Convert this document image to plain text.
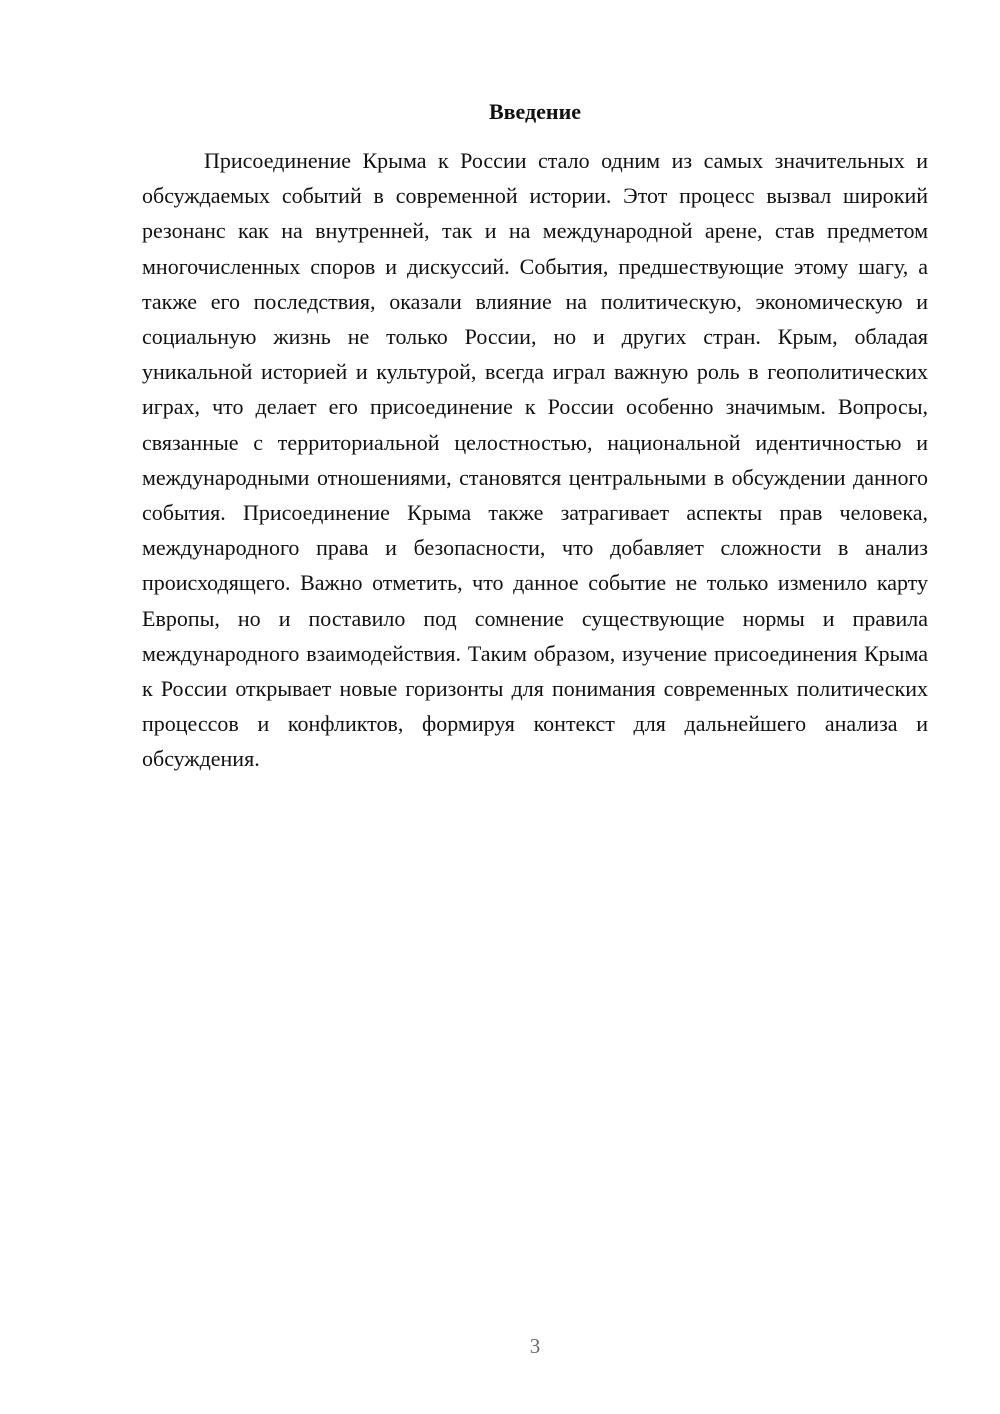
Введение

Присоединение Крыма к России стало одним из самых значительных и обсуждаемых событий в современной истории. Этот процесс вызвал широкий резонанс как на внутренней, так и на международной арене, став предметом многочисленных споров и дискуссий. События, предшествующие этому шагу, а также его последствия, оказали влияние на политическую, экономическую и социальную жизнь не только России, но и других стран. Крым, обладая уникальной историей и культурой, всегда играл важную роль в геополитических играх, что делает его присоединение к России особенно значимым. Вопросы, связанные с территориальной целостностью, национальной идентичностью и международными отношениями, становятся центральными в обсуждении данного события. Присоединение Крыма также затрагивает аспекты прав человека, международного права и безопасности, что добавляет сложности в анализ происходящего. Важно отметить, что данное событие не только изменило карту Европы, но и поставило под сомнение существующие нормы и правила международного взаимодействия. Таким образом, изучение присоединения Крыма к России открывает новые горизонты для понимания современных политических процессов и конфликтов, формируя контекст для дальнейшего анализа и обсуждения.

3
